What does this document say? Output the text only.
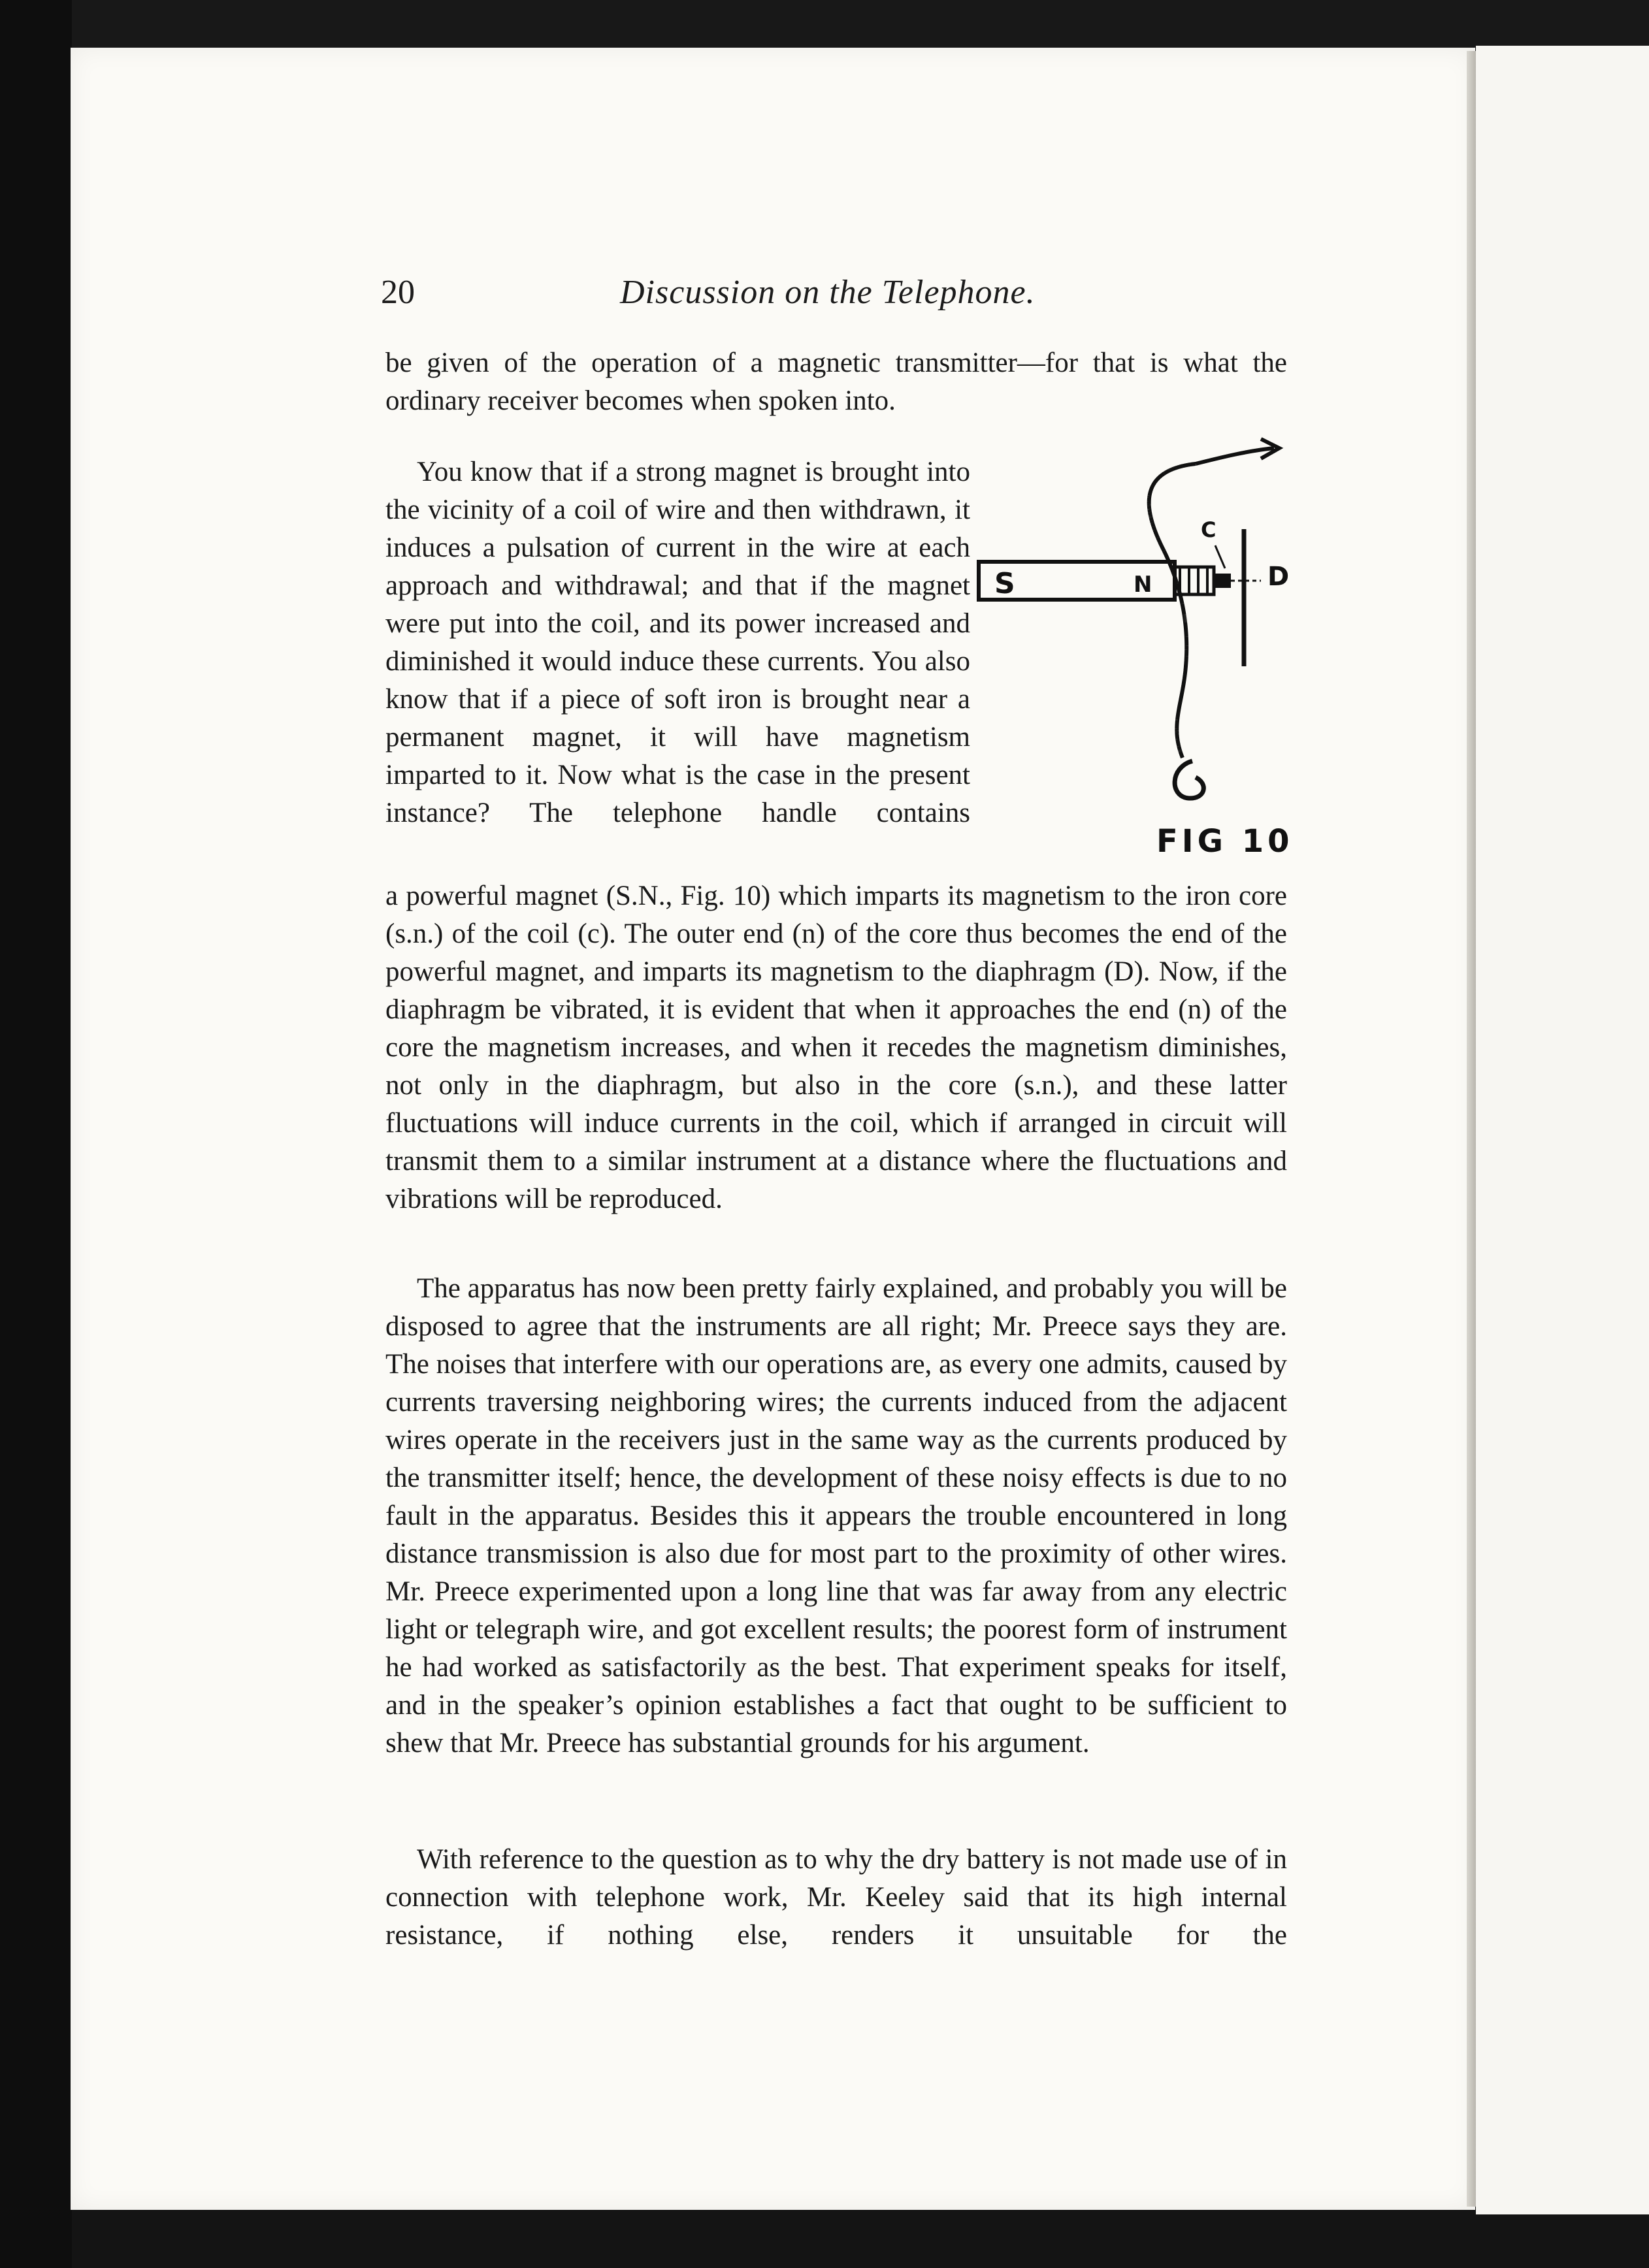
20	Discussion on the Telephone.
be given of the operation of a magnetic transmitter—for that is what the ordinary receiver becomes when spoken into.
You know that if a strong magnet is brought into the vicinity of a coil of wire and then withdrawn, it induces a pulsation of current in the wire at each approach and withdrawal; and that if the magnet were put into the coil, and its power increased and diminished it would induce these currents. You also know that if a piece of soft iron is brought near a permanent magnet, it will have magnetism imparted to it. Now what is the case in the present instance? The telephone handle contains
S	N
C
D
FIG 10
a powerful magnet (S.N., Fig. 10) which imparts its magnetism to the iron core (s.n.) of the coil (c). The outer end (n) of the core thus becomes the end of the powerful magnet, and imparts its magnetism to the diaphragm (D). Now, if the diaphragm be vibrated, it is evident that when it approaches the end (n) of the core the magnetism increases, and when it recedes the magnetism diminishes, not only in the diaphragm, but also in the core (s.n.), and these latter fluctuations will induce currents in the coil, which if arranged in circuit will transmit them to a similar instrument at a distance where the fluctuations and vibrations will be reproduced.
The apparatus has now been pretty fairly explained, and probably you will be disposed to agree that the instruments are all right; Mr. Preece says they are. The noises that interfere with our operations are, as every one admits, caused by currents traversing neighboring wires; the currents induced from the adjacent wires operate in the receivers just in the same way as the currents produced by the transmitter itself; hence, the development of these noisy effects is due to no fault in the apparatus. Besides this it appears the trouble encountered in long distance transmission is also due for most part to the proximity of other wires. Mr. Preece experimented upon a long line that was far away from any electric light or telegraph wire, and got excellent results; the poorest form of instrument he had worked as satisfactorily as the best. That experiment speaks for itself, and in the speaker’s opinion establishes a fact that ought to be sufficient to shew that Mr. Preece has substantial grounds for his argument.
With reference to the question as to why the dry battery is not made use of in connection with telephone work, Mr. Keeley said that its high internal resistance, if nothing else, renders it unsuitable for the
